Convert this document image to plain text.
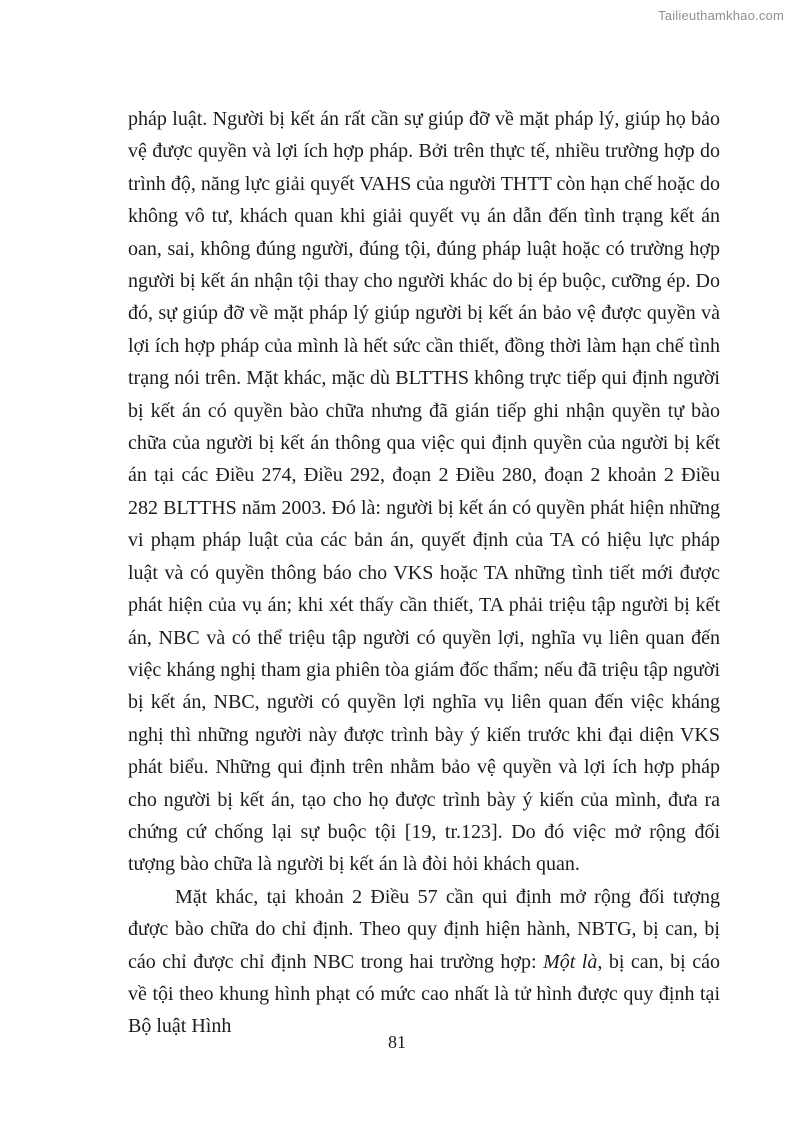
Tailieuthamkhao.com

pháp luật. Người bị kết án rất cần sự giúp đỡ về mặt pháp lý, giúp họ bảo vệ được quyền và lợi ích hợp pháp. Bởi trên thực tế, nhiều trường hợp do trình độ, năng lực giải quyết VAHS của người THTT còn hạn chế hoặc do không vô tư, khách quan khi giải quyết vụ án dẫn đến tình trạng kết án oan, sai, không đúng người, đúng tội, đúng pháp luật hoặc có trường hợp người bị kết án nhận tội thay cho người khác do bị ép buộc, cưỡng ép. Do đó, sự giúp đỡ về mặt pháp lý giúp người bị kết án bảo vệ được quyền và lợi ích hợp pháp của mình là hết sức cần thiết, đồng thời làm hạn chế tình trạng nói trên. Mặt khác, mặc dù BLTTHS không trực tiếp qui định người bị kết án có quyền bào chữa nhưng đã gián tiếp ghi nhận quyền tự bào chữa của người bị kết án thông qua việc qui định quyền của người bị kết án tại các Điều 274, Điều 292, đoạn 2 Điều 280, đoạn 2 khoản 2 Điều 282 BLTTHS năm 2003. Đó là: người bị kết án có quyền phát hiện những vi phạm pháp luật của các bản án, quyết định của TA có hiệu lực pháp luật và có quyền thông báo cho VKS hoặc TA những tình tiết mới được phát hiện của vụ án; khi xét thấy cần thiết, TA phải triệu tập người bị kết án, NBC và có thể triệu tập người có quyền lợi, nghĩa vụ liên quan đến việc kháng nghị tham gia phiên tòa giám đốc thẩm; nếu đã triệu tập người bị kết án, NBC, người có quyền lợi nghĩa vụ liên quan đến việc kháng nghị thì những người này được trình bày ý kiến trước khi đại diện VKS phát biểu. Những qui định trên nhằm bảo vệ quyền và lợi ích hợp pháp cho người bị kết án, tạo cho họ được trình bày ý kiến của mình, đưa ra chứng cứ chống lại sự buộc tội [19, tr.123]. Do đó việc mở rộng đối tượng bào chữa là người bị kết án là đòi hỏi khách quan.

Mặt khác, tại khoản 2 Điều 57 cần qui định mở rộng đối tượng được bào chữa do chỉ định. Theo quy định hiện hành, NBTG, bị can, bị cáo chỉ được chỉ định NBC trong hai trường hợp: Một là, bị can, bị cáo về tội theo khung hình phạt có mức cao nhất là tử hình được quy định tại Bộ luật Hình

81
